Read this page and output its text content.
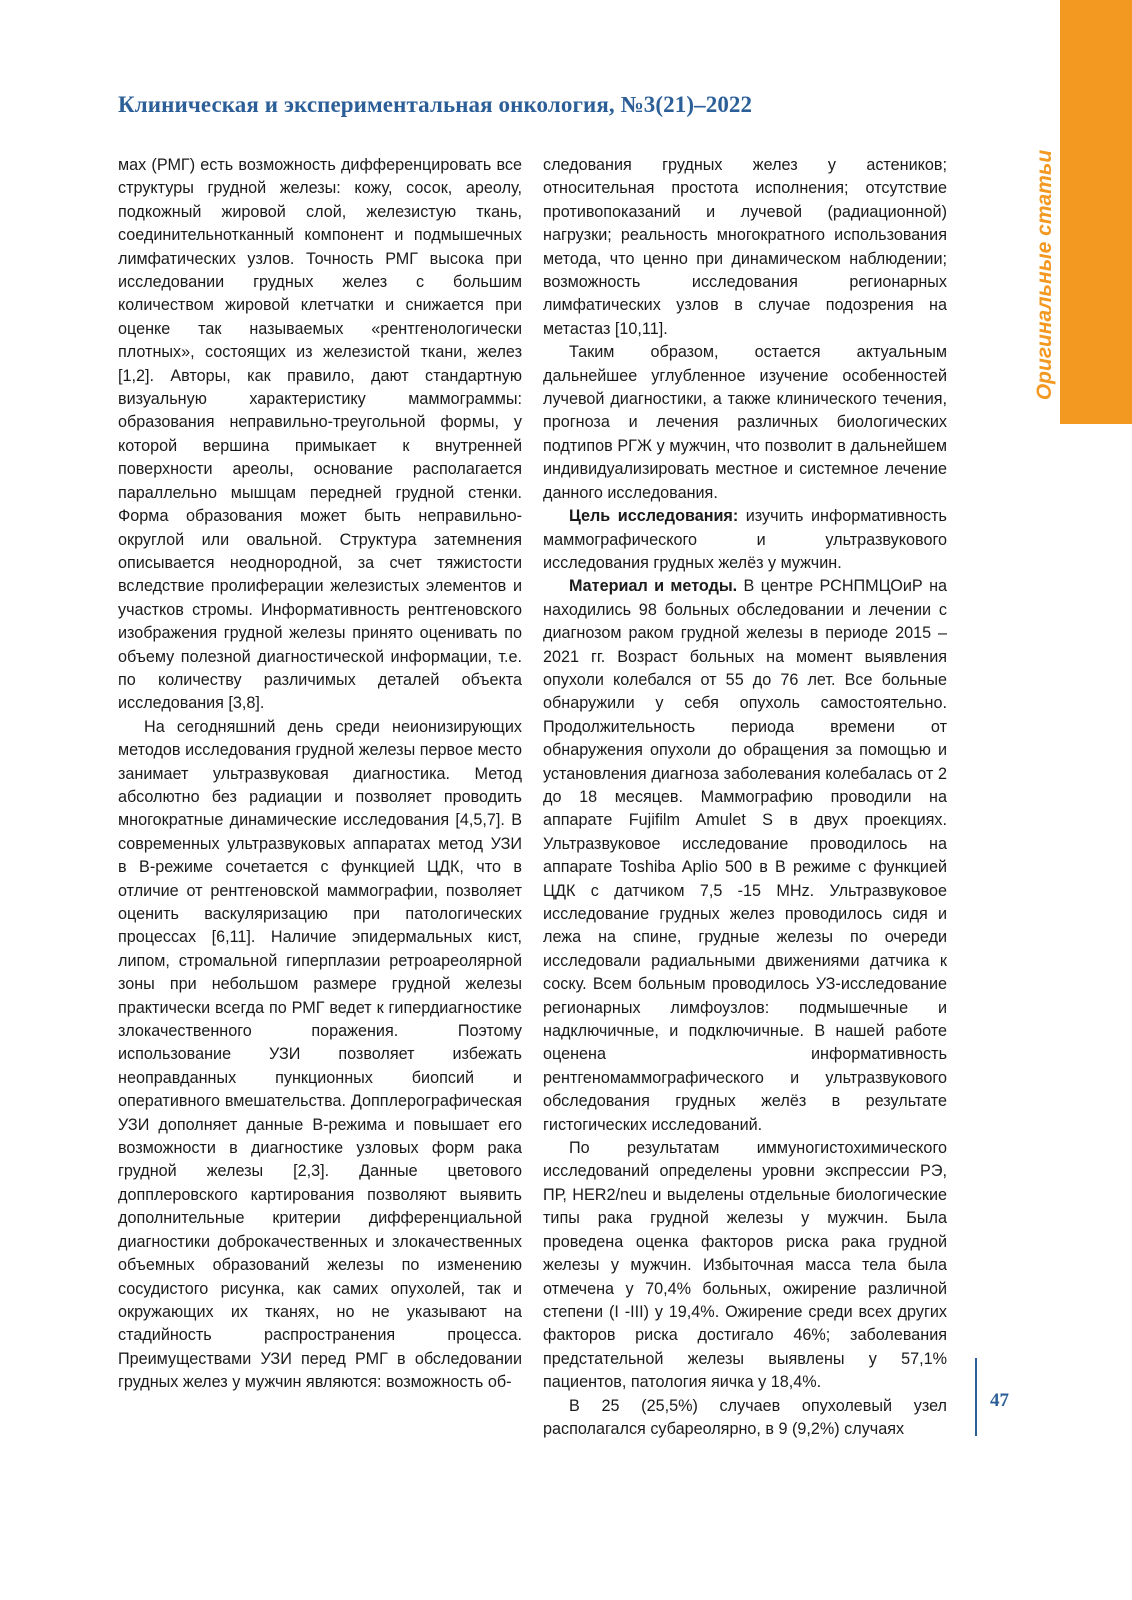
Оригинальные статьи
Клиническая и экспериментальная онкология, №3(21)–2022

мах (РМГ) есть возможность дифференцировать все структуры грудной железы: кожу, сосок, ареолу, подкожный жировой слой, железистую ткань, соединительнотканный компонент и подмышечных лимфатических узлов. Точность РМГ высока при исследовании грудных желез с большим количеством жировой клетчатки и снижается при оценке так называемых «рентгенологически плотных», состоящих из железистой ткани, желез [1,2]. Авторы, как правило, дают стандартную визуальную характеристику маммограммы: образования неправильно-треугольной формы, у которой вершина примыкает к внутренней поверхности ареолы, основание располагается параллельно мышцам передней грудной стенки. Форма образования может быть неправильно-округлой или овальной. Структура затемнения описывается неоднородной, за счет тяжистости вследствие пролиферации железистых элементов и участков стромы. Информативность рентгеновского изображения грудной железы принято оценивать по объему полезной диагностической информации, т.е. по количеству различимых деталей объекта исследования [3,8].

На сегодняшний день среди неионизирующих методов исследования грудной железы первое место занимает ультразвуковая диагностика. Метод абсолютно без радиации и позволяет проводить многократные динамические исследования [4,5,7]. В современных ультразвуковых аппаратах метод УЗИ в В-режиме сочетается с функцией ЦДК, что в отличие от рентгеновской маммографии, позволяет оценить васкуляризацию при патологических процессах [6,11]. Наличие эпидермальных кист, липом, стромальной гиперплазии ретроареолярной зоны при небольшом размере грудной железы практически всегда по РМГ ведет к гипердиагностике злокачественного поражения. Поэтому использование УЗИ позволяет избежать неоправданных пункционных биопсий и оперативного вмешательства. Допплерографическая УЗИ дополняет данные В-режима и повышает его возможности в диагностике узловых форм рака грудной железы [2,3]. Данные цветового допплеровского картирования позволяют выявить дополнительные критерии дифференциальной диагностики доброкачественных и злокачественных объемных образований железы по изменению сосудистого рисунка, как самих опухолей, так и окружающих их тканях, но не указывают на стадийность распространения процесса. Преимуществами УЗИ перед РМГ в обследовании грудных желез у мужчин являются: возможность об-

следования грудных желез у астеников; относительная простота исполнения; отсутствие противопоказаний и лучевой (радиационной) нагрузки; реальность многократного использования метода, что ценно при динамическом наблюдении; возможность исследования регионарных лимфатических узлов в случае подозрения на метастаз [10,11].

Таким образом, остается актуальным дальнейшее углубленное изучение особенностей лучевой диагностики, а также клинического течения, прогноза и лечения различных биологических подтипов РГЖ у мужчин, что позволит в дальнейшем индивидуализировать местное и системное лечение данного исследования.

Цель исследования: изучить информативность маммографического и ультразвукового исследования грудных желёз у мужчин.

Материал и методы. В центре РСНПМЦОиР на находились 98 больных обследовании и лечении с диагнозом раком грудной железы в периоде 2015 –2021 гг. Возраст больных на момент выявления опухоли колебался от 55 до 76 лет. Все больные обнаружили у себя опухоль самостоятельно. Продолжительность периода времени от обнаружения опухоли до обращения за помощью и установления диагноза заболевания колебалась от 2 до 18 месяцев. Маммографию проводили на аппарате Fujifilm Amulet S в двух проекциях. Ультразвуковое исследование проводилось на аппарате Toshiba Aplio 500 в В режиме с функцией ЦДК с датчиком 7,5 -15 MHz. Ультразвуковое исследование грудных желез проводилось сидя и лежа на спине, грудные железы по очереди исследовали радиальными движениями датчика к соску. Всем больным проводилось УЗ-исследование регионарных лимфоузлов: подмышечные и надключичные, и подключичные. В нашей работе оценена информативность рентгеномаммографического и ультразвукового обследования грудных желёз в результате гистогических исследований.

По результатам иммуногистохимического исследований определены уровни экспрессии РЭ, ПР, HER2/neu и выделены отдельные биологические типы рака грудной железы у мужчин. Была проведена оценка факторов риска рака грудной железы у мужчин. Избыточная масса тела была отмечена у 70,4% больных, ожирение различной степени (I -III) у 19,4%. Ожирение среди всех других факторов риска достигало 46%; заболевания предстательной железы выявлены у 57,1% пациентов, патология яичка у 18,4%.

В 25 (25,5%) случаев опухолевый узел располагался субареолярно, в 9 (9,2%) случаях

47
